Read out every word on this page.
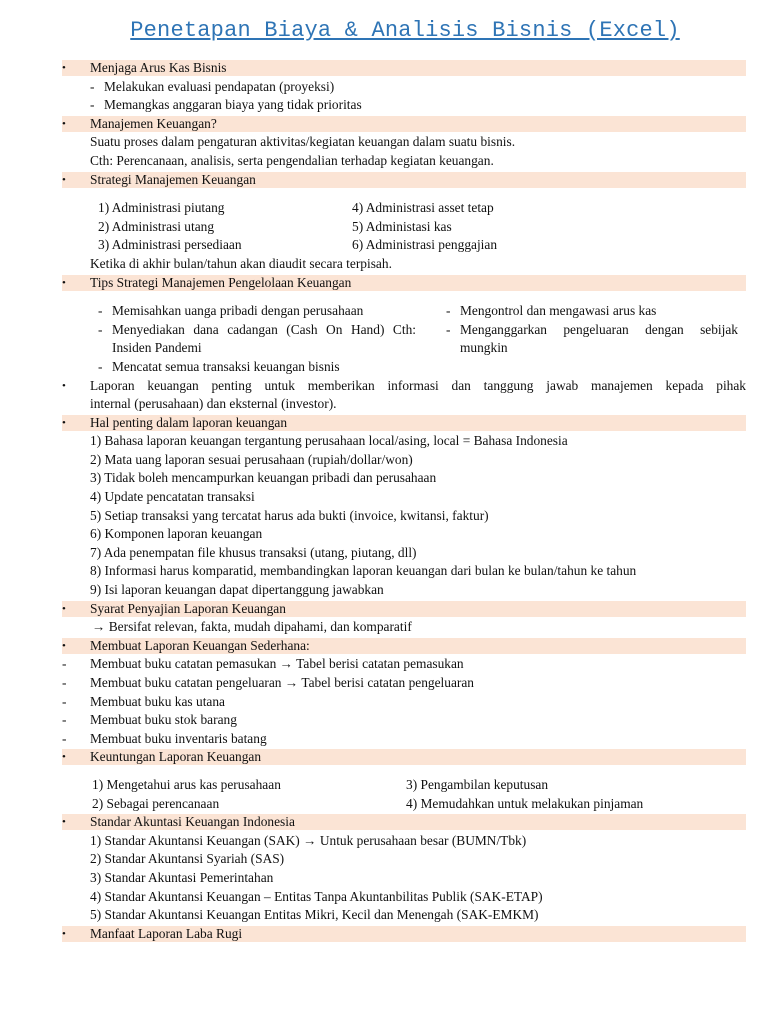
Penetapan Biaya & Analisis Bisnis (Excel)
• Menjaga Arus Kas Bisnis
- Melakukan evaluasi pendapatan (proyeksi)
- Memangkas anggaran biaya yang tidak prioritas
• Manajemen Keuangan?
Suatu proses dalam pengaturan aktivitas/kegiatan keuangan dalam suatu bisnis.
Cth: Perencanaan, analisis, serta pengendalian terhadap kegiatan keuangan.
• Strategi Manajemen Keuangan
1) Administrasi piutang	4) Administrasi asset tetap
2) Administrasi utang	5) Administasi kas
3) Administrasi persediaan	6) Administrasi penggajian
Ketika di akhir bulan/tahun akan diaudit secara terpisah.
• Tips Strategi Manajemen Pengelolaan Keuangan
- Memisahkan uanga pribadi dengan perusahaan	- Mengontrol dan mengawasi arus kas
- Menyediakan dana cadangan (Cash On Hand) Cth: - Menganggarkan pengeluaran dengan sebijak
Insiden Pandemi	mungkin
- Mencatat semua transaksi keuangan bisnis
• Laporan keuangan penting untuk memberikan informasi dan tanggung jawab manajemen kepada pihak
internal (perusahaan) dan eksternal (investor).
• Hal penting dalam laporan keuangan
1) Bahasa laporan keuangan tergantung perusahaan local/asing, local = Bahasa Indonesia
2) Mata uang laporan sesuai perusahaan (rupiah/dollar/won)
3) Tidak boleh mencampurkan keuangan pribadi dan perusahaan
4) Update pencatatan transaksi
5) Setiap transaksi yang tercatat harus ada bukti (invoice, kwitansi, faktur)
6) Komponen laporan keuangan
7) Ada penempatan file khusus transaksi (utang, piutang, dll)
8) Informasi harus komparatid, membandingkan laporan keuangan dari bulan ke bulan/tahun ke tahun
9) Isi laporan keuangan dapat dipertanggung jawabkan
• Syarat Penyajian Laporan Keuangan
→ Bersifat relevan, fakta, mudah dipahami, dan komparatif
• Membuat Laporan Keuangan Sederhana:
- Membuat buku catatan pemasukan → Tabel berisi catatan pemasukan
- Membuat buku catatan pengeluaran → Tabel berisi catatan pengeluaran
- Membuat buku kas utana
- Membuat buku stok barang
- Membuat buku inventaris batang
• Keuntungan Laporan Keuangan
1) Mengetahui arus kas perusahaan	3) Pengambilan keputusan
2) Sebagai perencanaan	4) Memudahkan untuk melakukan pinjaman
• Standar Akuntasi Keuangan Indonesia
1) Standar Akuntansi Keuangan (SAK) → Untuk perusahaan besar (BUMN/Tbk)
2) Standar Akuntansi Syariah (SAS)
3) Standar Akuntasi Pemerintahan
4) Standar Akuntansi Keuangan – Entitas Tanpa Akuntanbilitas Publik (SAK-ETAP)
5) Standar Akuntansi Keuangan Entitas Mikri, Kecil dan Menengah (SAK-EMKM)
• Manfaat Laporan Laba Rugi
